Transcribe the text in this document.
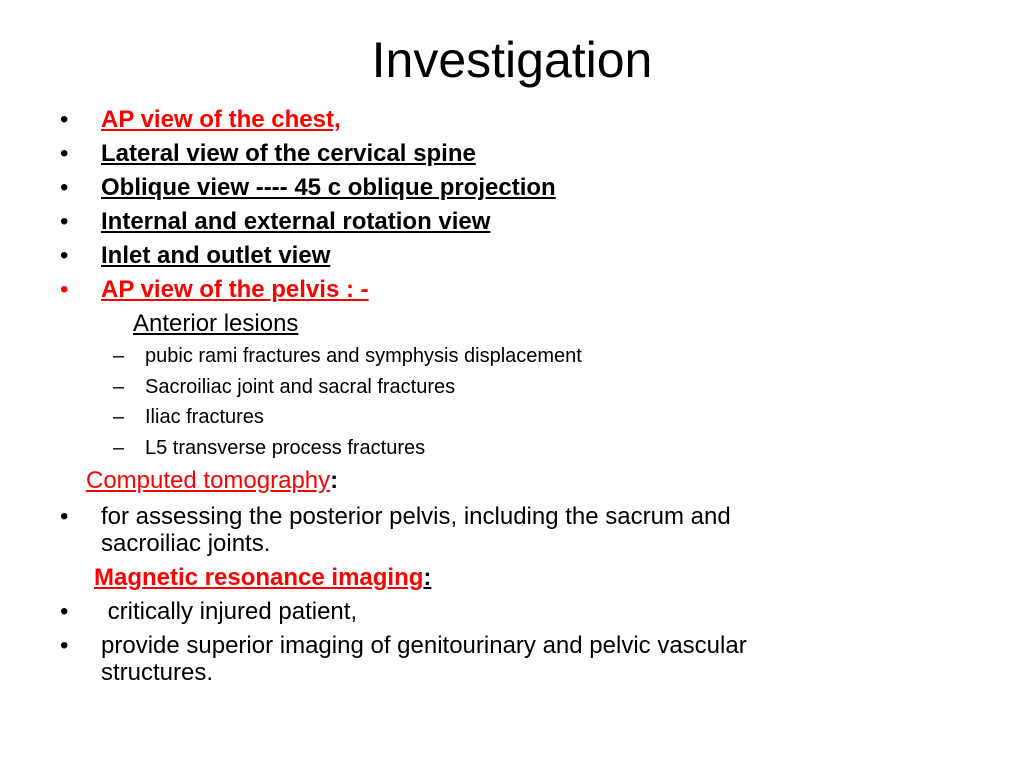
Investigation
• AP view of the chest,
• Lateral view of the cervical spine
• Oblique view ---- 45 c oblique projection
• Internal and external rotation view
• Inlet and outlet view
• AP view of the pelvis : -
Anterior lesions
– pubic rami fractures and symphysis displacement
– Sacroiliac joint and sacral fractures
– Iliac fractures
– L5 transverse process fractures
Computed tomography:
• for assessing the posterior pelvis, including the sacrum and
sacroiliac joints.
Magnetic resonance imaging:
• critically injured patient,
• provide superior imaging of genitourinary and pelvic vascular
structures.
